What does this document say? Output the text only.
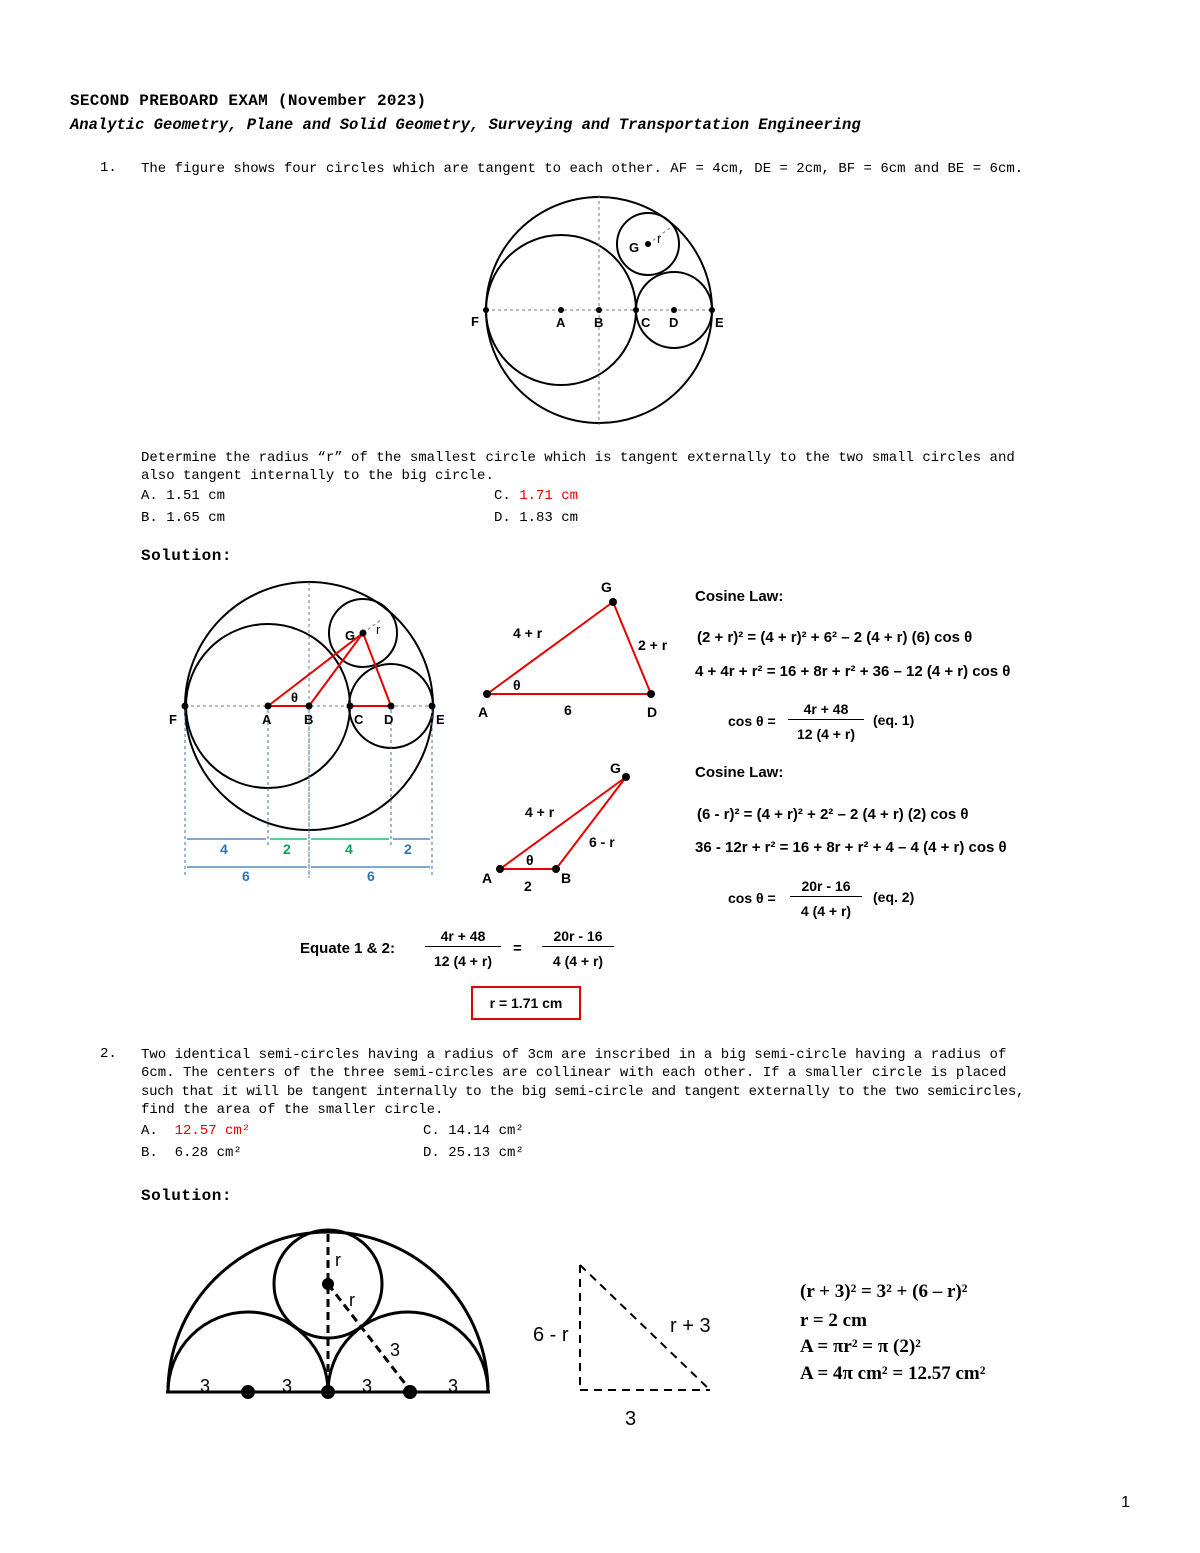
SECOND PREBOARD EXAM (November 2023)
Analytic Geometry, Plane and Solid Geometry, Surveying and Transportation Engineering
1. The figure shows four circles which are tangent to each other. AF = 4cm, DE = 2cm, BF = 6cm and BE = 6cm.
F	A B	C D	E
G
r
Determine the radius “r” of the smallest circle which is tangent externally to the two small circles and
also tangent internally to the big circle.
A. 1.51 cm
B. 1.65 cm
C. 1.71 cm
D. 1.83 cm
Solution:
F	A	B	C D	E
G r
θ
4	2	4	2
6	6
G
A	D
4 + r
2 + r
6
θ
G
A	B
4 + r
6 - r
2
θ
Cosine Law:
(2 + r)² = (4 + r)² + 6² – 2 (4 + r) (6) cos θ
4 + 4r + r² = 16 + 8r + r² + 36 – 12 (4 + r) cos θ
cos θ =
4r + 48
12 (4 + r)
(eq. 1)
Cosine Law:
(6 - r)² = (4 + r)² + 2² – 2 (4 + r) (2) cos θ
36 - 12r + r² = 16 + 8r + r² + 4 – 4 (4 + r) cos θ
cos θ =
20r - 16
4 (4 + r)
(eq. 2)
Equate 1 & 2:
4r + 48
12 (4 + r)
=
20r - 16
4 (4 + r)
r = 1.71 cm
2. Two identical semi-circles having a radius of 3cm are inscribed in a big semi-circle having a radius of
6cm. The centers of the three semi-circles are collinear with each other. If a smaller circle is placed
such that it will be tangent internally to the big semi-circle and tangent externally to the two semicircles,
find the area of the smaller circle.
A.  12.57 cm²
B.  6.28 cm²
C. 14.14 cm²
D. 25.13 cm²
Solution:
r
r
3
3	3	3	3
6 - r	r + 3
3
(r + 3)² = 3² + (6 – r)²
r = 2 cm
A = πr² = π (2)²
A = 4π cm² = 12.57 cm²
1
